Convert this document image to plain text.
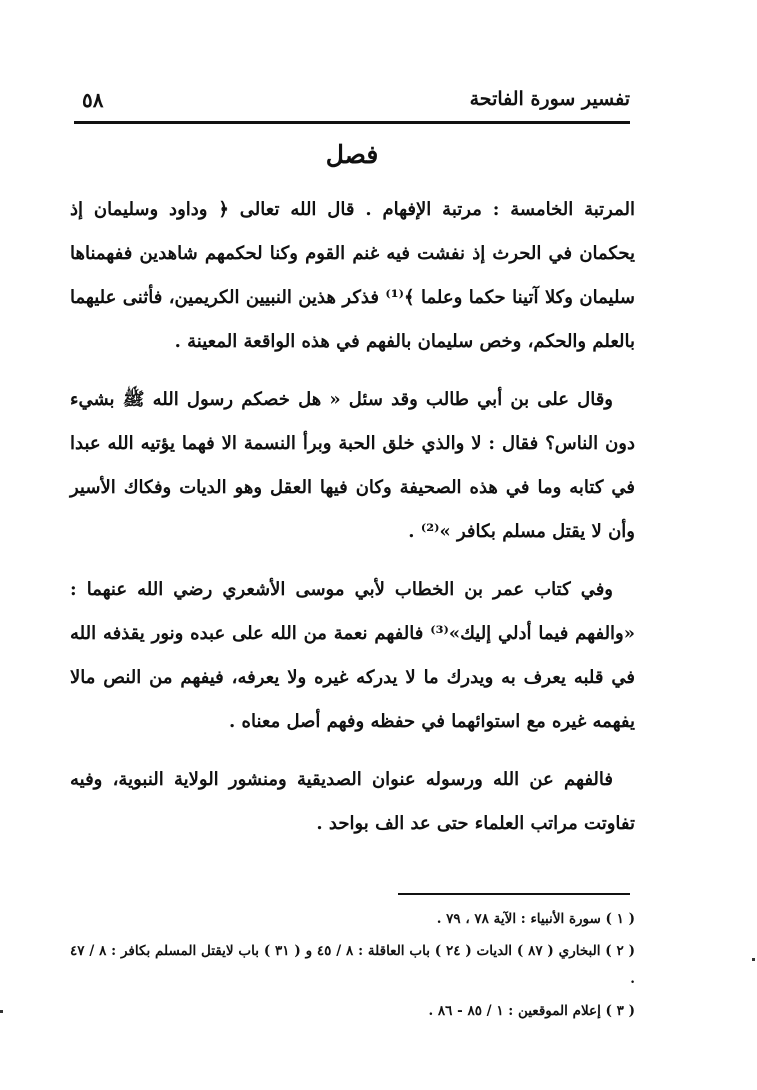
تفسير سورة الفاتحة
٥٨
فصل

المرتبة الخامسة : مرتبة الإفهام . قال الله تعالى ﴿ وداود وسليمان إذ يحكمان في الحرث إذ نفشت فيه غنم القوم وكنا لحكمهم شاهدين ففهمناها سليمان وكلا آتينا حكما وعلما ﴾⁽¹⁾ فذكر هذين النبيين الكريمين، فأثنى عليهما بالعلم والحكم، وخص سليمان بالفهم في هذه الواقعة المعينة .

وقال على بن أبي طالب وقد سئل « هل خصكم رسول الله ﷺ بشيء دون الناس؟ فقال : لا والذي خلق الحبة وبرأ النسمة الا فهما يؤتيه الله عبدا في كتابه وما في هذه الصحيفة وكان فيها العقل وهو الديات وفكاك الأسير وأن لا يقتل مسلم بكافر »⁽²⁾ .

وفي كتاب عمر بن الخطاب لأبي موسى الأشعري رضي الله عنهما : «والفهم فيما أدلي إليك»⁽³⁾ فالفهم نعمة من الله على عبده ونور يقذفه الله في قلبه يعرف به ويدرك ما لا يدركه غيره ولا يعرفه، فيفهم من النص مالا يفهمه غيره مع استوائهما في حفظه وفهم أصل معناه .

فالفهم عن الله ورسوله عنوان الصديقية ومنشور الولاية النبوية، وفيه تفاوتت مراتب العلماء حتى عد الف بواحد .

( ١ ) سورة الأنبياء : الآية ٧٨ ، ٧٩ .
( ٢ ) البخاري ( ٨٧ ) الديات ( ٢٤ ) باب العاقلة : ٨ / ٤٥ و ( ٣١ ) باب لايقتل المسلم بكافر : ٨ / ٤٧ .
( ٣ ) إعلام الموقعين : ١ / ٨٥ - ٨٦ .
